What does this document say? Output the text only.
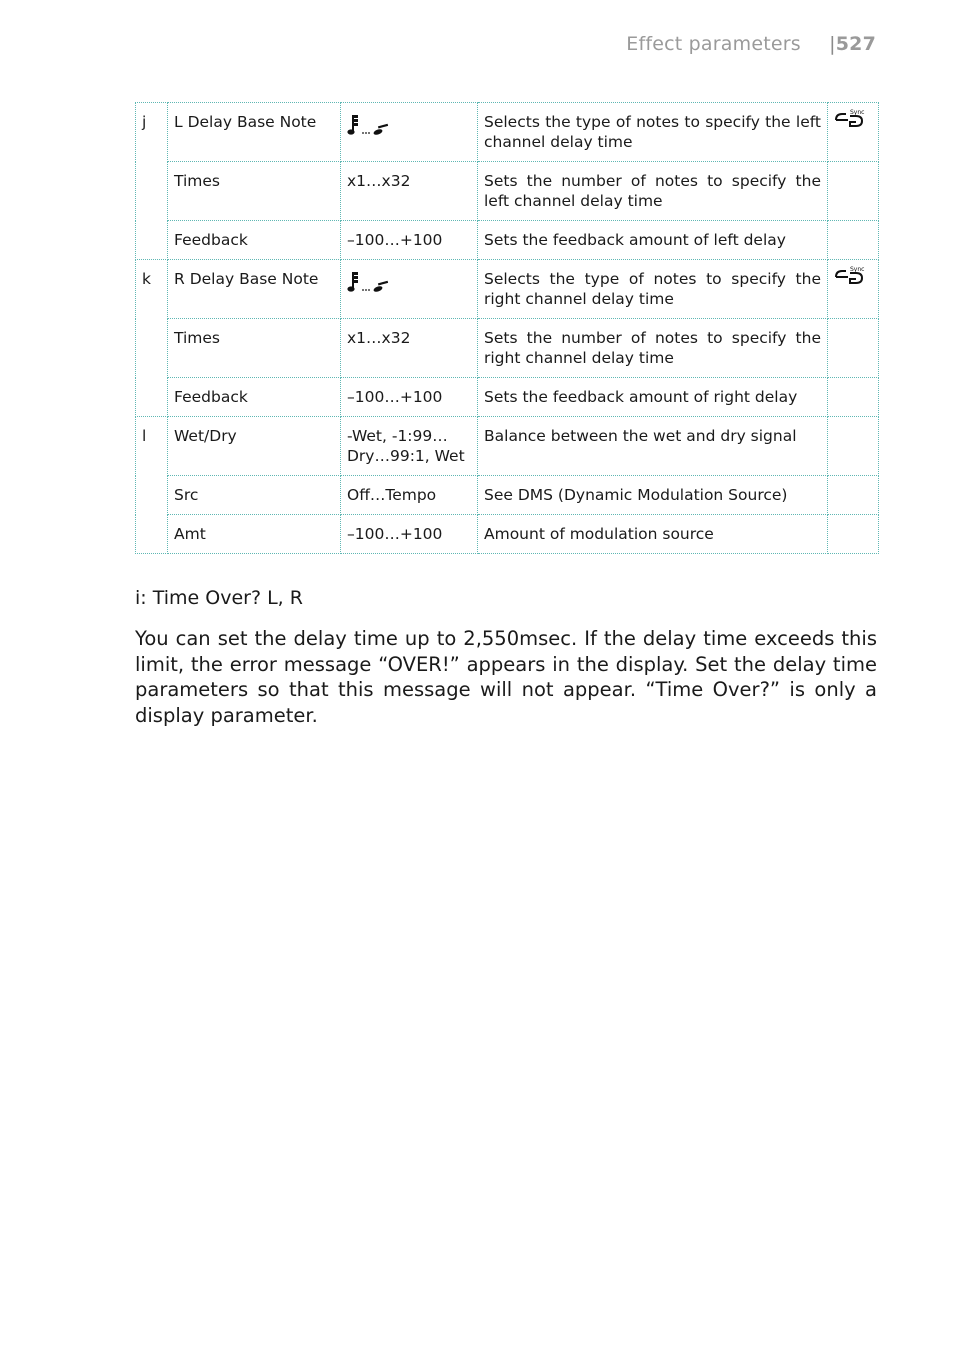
Effect parameters |527
j	L Delay Base Note		Selects the type of notes to specify the left channel delay time	Sync

	Times	x1…x32	Sets the number of notes to specify the left channel delay time	
	Feedback	–100…+100	Sets the feedback amount of left delay	
k	R Delay Base Note		Selects the type of notes to specify the right channel delay time	Sync

	Times	x1…x32	Sets the number of notes to specify the right channel delay time	
	Feedback	–100…+100	Sets the feedback amount of right delay	
l	Wet/Dry	-Wet, -1:99…
Dry…99:1, Wet	Balance between the wet and dry signal	
	Src	Off…Tempo	See DMS (Dynamic Modulation Source)	
	Amt	–100…+100	Amount of modulation source	
i: Time Over? L, R
You can set the delay time up to 2,550msec. If the delay time exceeds this limit, the error message “OVER!” appears in the display. Set the delay time parameters so that this message will not appear. “Time Over?” is only a display parameter.
